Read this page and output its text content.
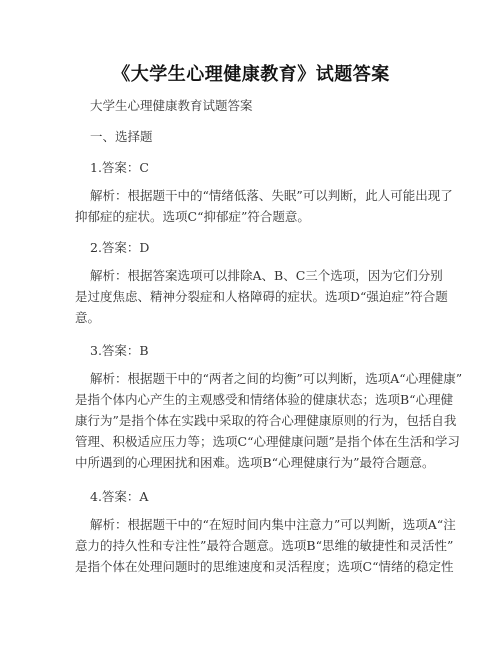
《大学生心理健康教育》试题答案
大学生心理健康教育试题答案
一、选择题
1.答案：C
解析：根据题干中的“情绪低落、失眠”可以判断，此人可能出现了
抑郁症的症状。选项C“抑郁症”符合题意。
2.答案：D
解析：根据答案选项可以排除A、B、C三个选项，因为它们分别
是过度焦虑、精神分裂症和人格障碍的症状。选项D“强迫症”符合题
意。
3.答案：B
解析：根据题干中的“两者之间的均衡”可以判断，选项A“心理健康”
是指个体内心产生的主观感受和情绪体验的健康状态；选项B“心理健
康行为”是指个体在实践中采取的符合心理健康原则的行为，包括自我
管理、积极适应压力等；选项C“心理健康问题”是指个体在生活和学习
中所遇到的心理困扰和困难。选项B“心理健康行为”最符合题意。
4.答案：A
解析：根据题干中的“在短时间内集中注意力”可以判断，选项A“注
意力的持久性和专注性”最符合题意。选项B“思维的敏捷性和灵活性”
是指个体在处理问题时的思维速度和灵活程度；选项C“情绪的稳定性
